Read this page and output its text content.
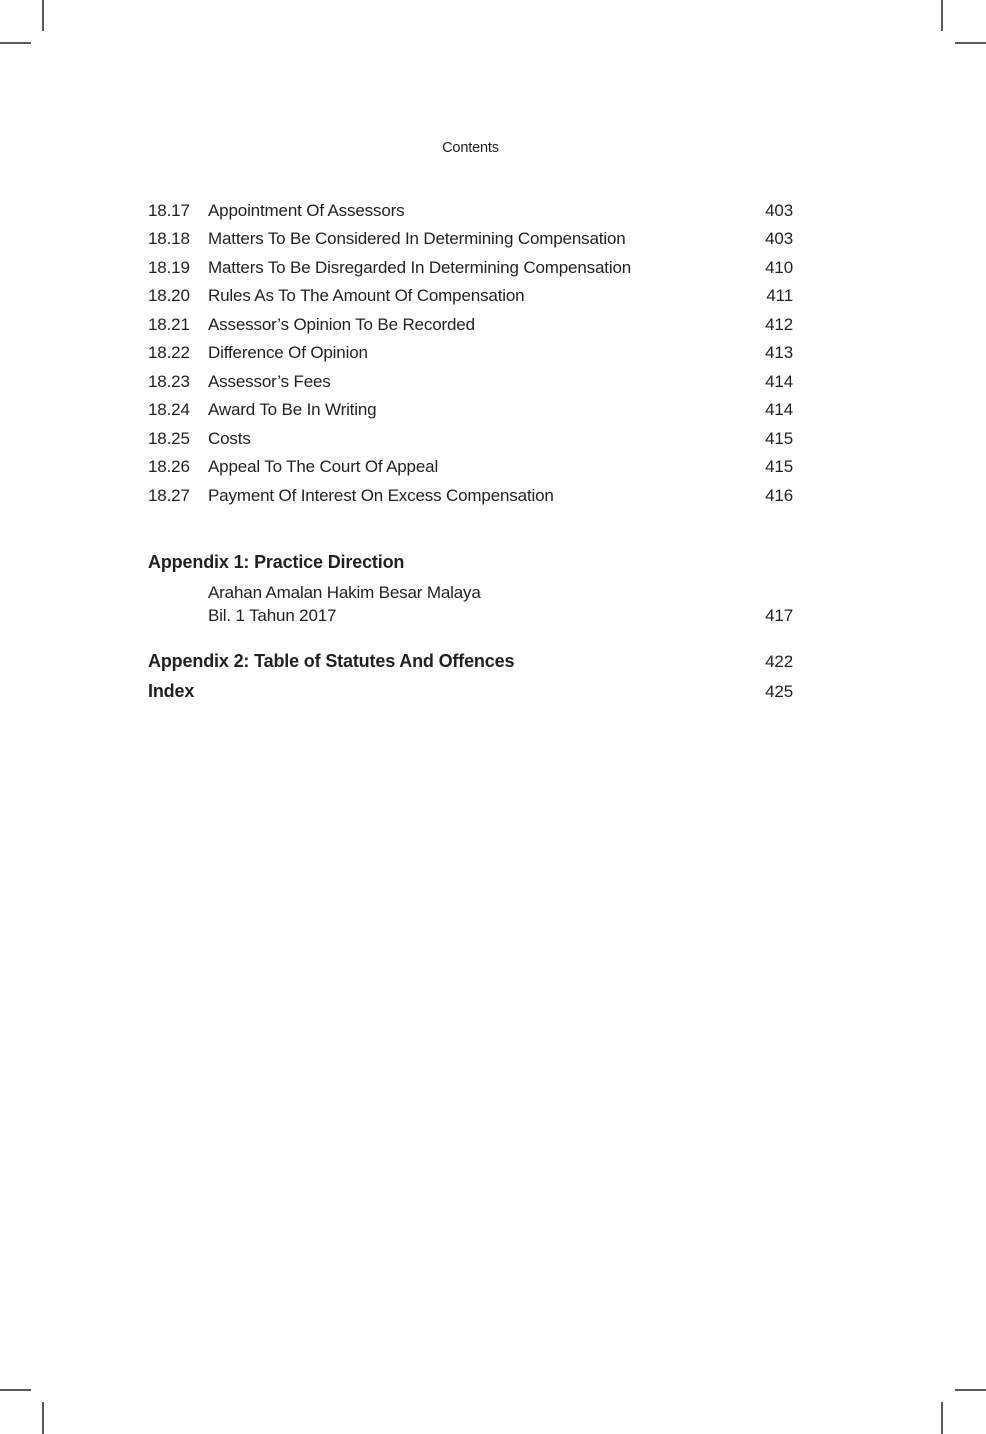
Contents
18.17	Appointment Of Assessors	403
18.18	Matters To Be Considered In Determining Compensation	403
18.19	Matters To Be Disregarded In Determining Compensation	410
18.20	Rules As To The Amount Of Compensation	411
18.21	Assessor’s Opinion To Be Recorded	412
18.22	Difference Of Opinion	413
18.23	Assessor’s Fees	414
18.24	Award To Be In Writing	414
18.25	Costs	415
18.26	Appeal To The Court Of Appeal	415
18.27	Payment Of Interest On Excess Compensation	416
Appendix 1: Practice Direction
Arahan Amalan Hakim Besar Malaya
Bil. 1 Tahun 2017	417
Appendix 2: Table of Statutes And Offences	422
Index	425
